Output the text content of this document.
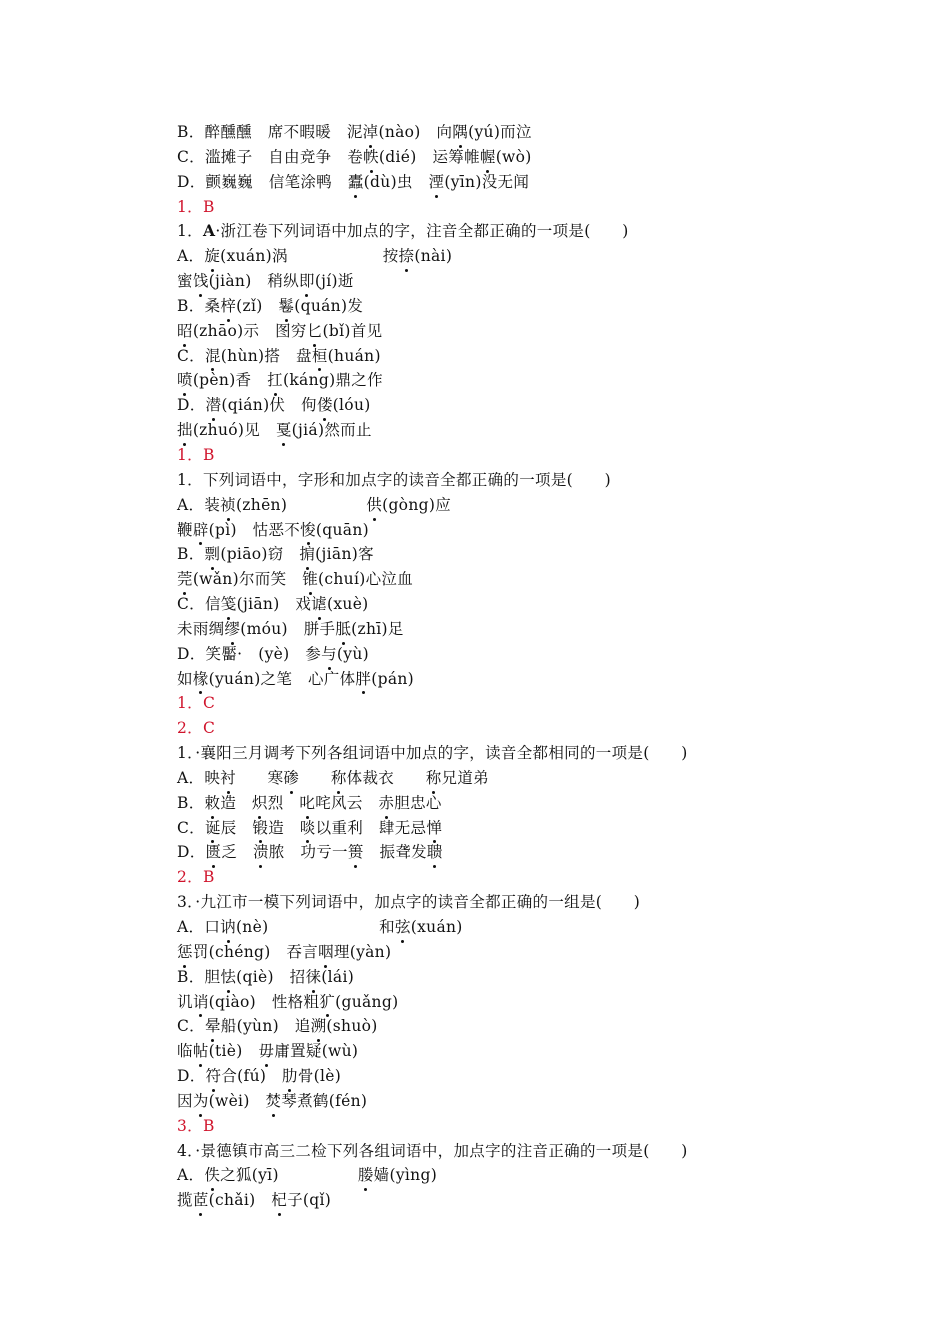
B．醉醺醺　 席不暇暖　 泥淖(nào)　 向隅(yú)而泣
C．滥摊子　 自由竞争　 卷帙(dié)　 运筹帷幄(wò)
D．颤巍巍　 信笔涂鸭　 蠹(dù)虫　 湮(yīn)没无闻
1．B
1．A·浙江卷下列词语中加点的字，注音全都正确的一项是(　　 )
A．旋(xuán)涡　　　　　　	按捺(nài)
蜜饯(jiàn)　 稍纵即(jí)逝
B．桑梓(zǐ)　 鬈(quán)发
昭(zhāo)示　 图穷匕(bǐ)首见
C．混(hùn)搭　 盘桓(huán)
喷(pèn)香　 扛(káng)鼎之作
D．潜(qián)伏　 佝偻(lóu)
拙(zhuó)见　 戛(jiá)然而止
1．B
1．下列词语中，字形和加点字的读音全都正确的一项是(　　 )
A．装祯(zhēn)　　　　　	供(gòng)应
鞭辟(pì)　 怙恶不悛(quān)
B．剽(piāo)窃　 掮(jiān)客
莞(wǎn)尔而笑　 锥(chuí)心泣血
C．信笺(jiān)　 戏谑(xuè)
未雨绸缪(móu)　 胼手胝(zhī)足
D．笑靨·　 (yè)　 参与(yù)
如椽(yuán)之笔　 心广体胖(pán)
1．C
2．C
1．·襄阳三月调考下列各组词语中加点的字，读音全都相同的一项是(　　 )
A．映衬　　 寒碜　　 称体裁衣　　 称兄道弟
B．敕造　 炽烈　 叱咤风云　 赤胆忠心
C．诞辰　 锻造　 啖以重利　 肆无忌惮
D．匮乏　 溃脓　 功亏一篑　 振聋发聩
2．B
3．·九江市一模下列词语中，加点字的读音全都正确的一组是(　　 )
A．口讷(nè)　　　　　　　	和弦(xuán)
惩罚(chéng)　 吞言咽理(yàn)
B．胆怯(qiè)　 招徕(lái)
讥诮(qiào)　 性格粗犷(guǎng)
C．晕船(yùn)　 追溯(shuò)
临帖(tiè)　 毋庸置疑(wù)
D．符合(fú)　 肋骨(lè)
因为(wèi)　 焚琴煮鹤(fén)
3．B
4．·景德镇市高三二检下列各组词语中，加点字的注音正确的一项是(　　 )
A．佚之狐(yī)　　　　　	媵嫱(yìng)
揽茝(chǎi)　 杞子(qǐ)
